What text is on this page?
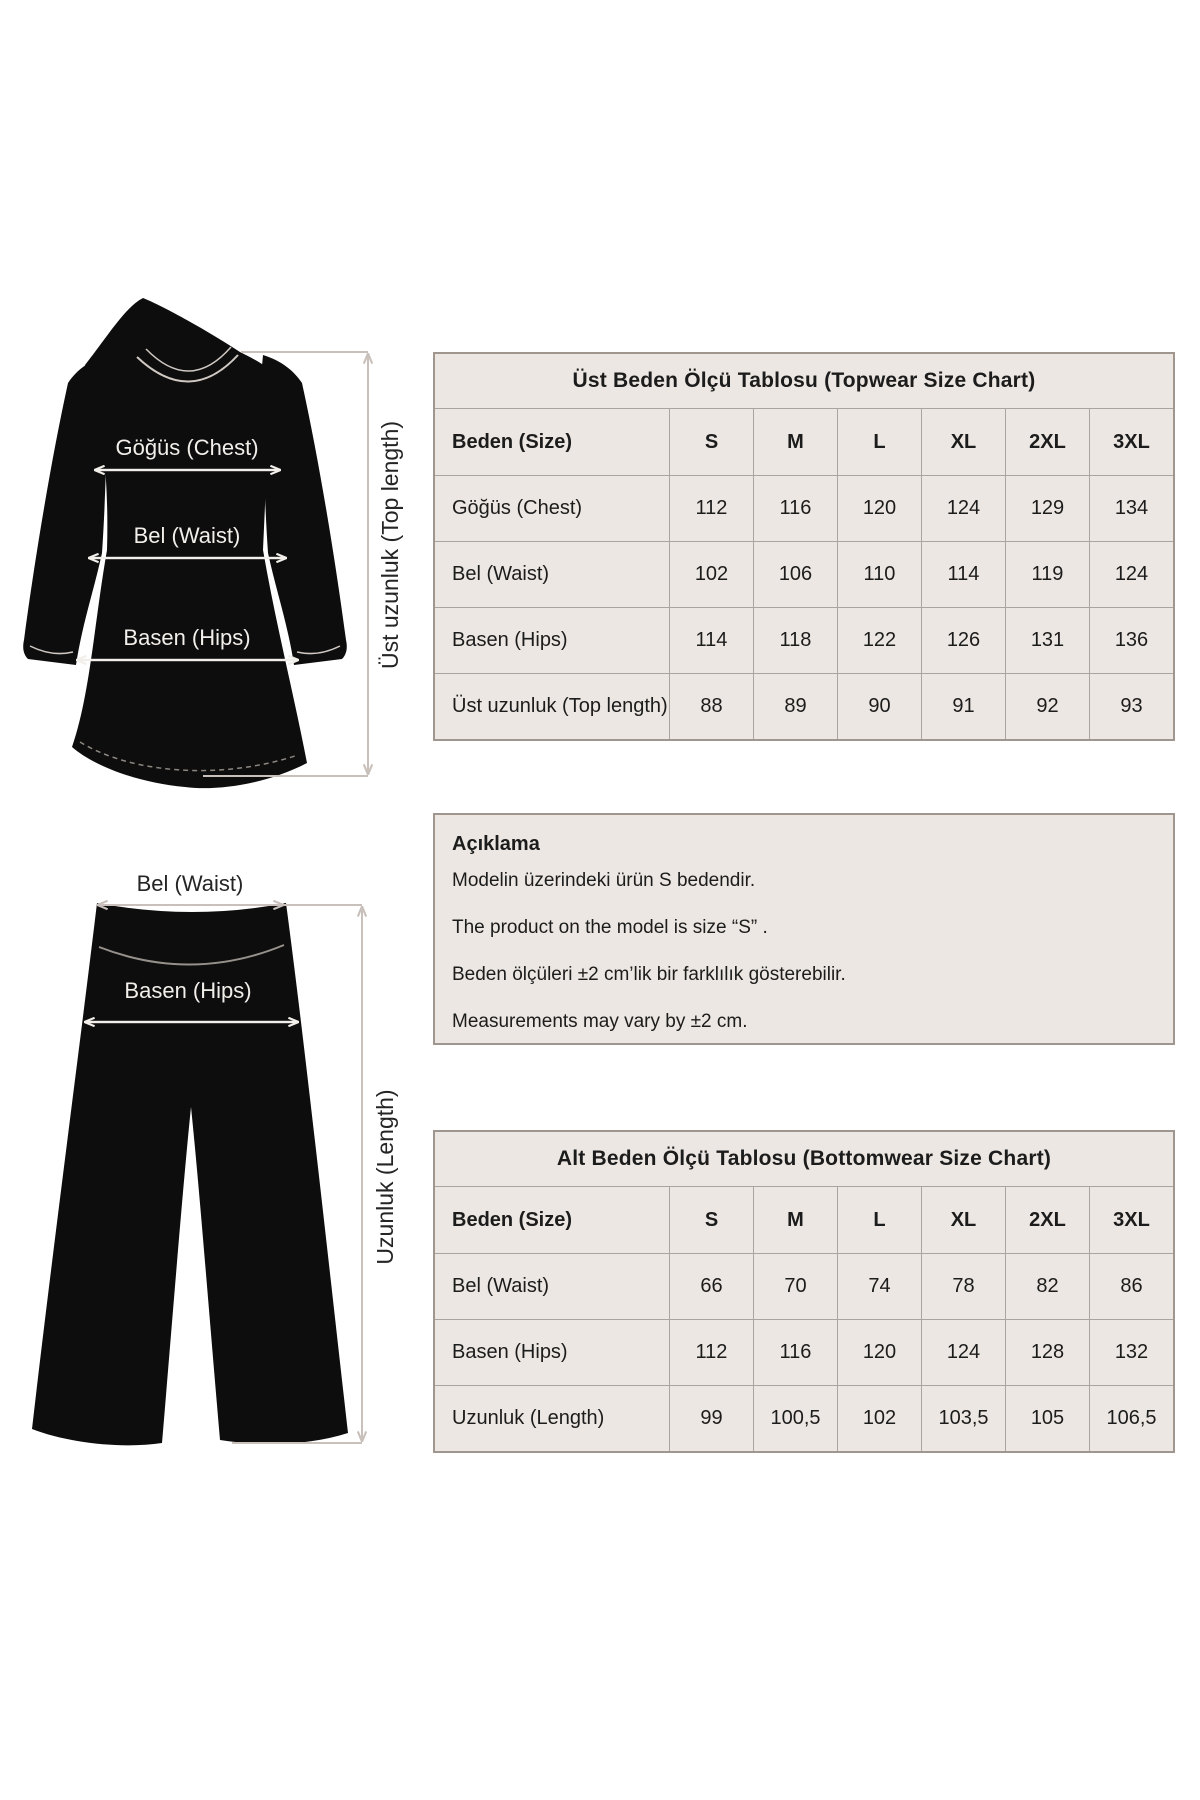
Göğüs (Chest)
Bel (Waist)
Basen (Hips)	Üst uzunluk (Top length)
Bel (Waist)
Basen (Hips)
Uzunluk (Length)
Üst Beden Ölçü Tablosu (Topwear Size Chart)
Beden (Size)	S	M	L	XL	2XL	3XL
Göğüs (Chest)	112	116	120	124	129	134
Bel (Waist)	102	106	110	114	119	124
Basen (Hips)	114	118	122	126	131	136
Üst uzunluk (Top length)	88	89	90	91	92	93
Açıklama

Modelin üzerindeki ürün S bedendir.

The product on the model is size “S” .

Beden ölçüleri ±2 cm’lik bir farklılık gösterebilir.

Measurements may vary by ±2 cm.

Alt Beden Ölçü Tablosu (Bottomwear Size Chart)
Beden (Size)	S	M	L	XL	2XL	3XL
Bel (Waist)	66	70	74	78	82	86
Basen (Hips)	112	116	120	124	128	132
Uzunluk (Length)	99	100,5	102	103,5	105	106,5
